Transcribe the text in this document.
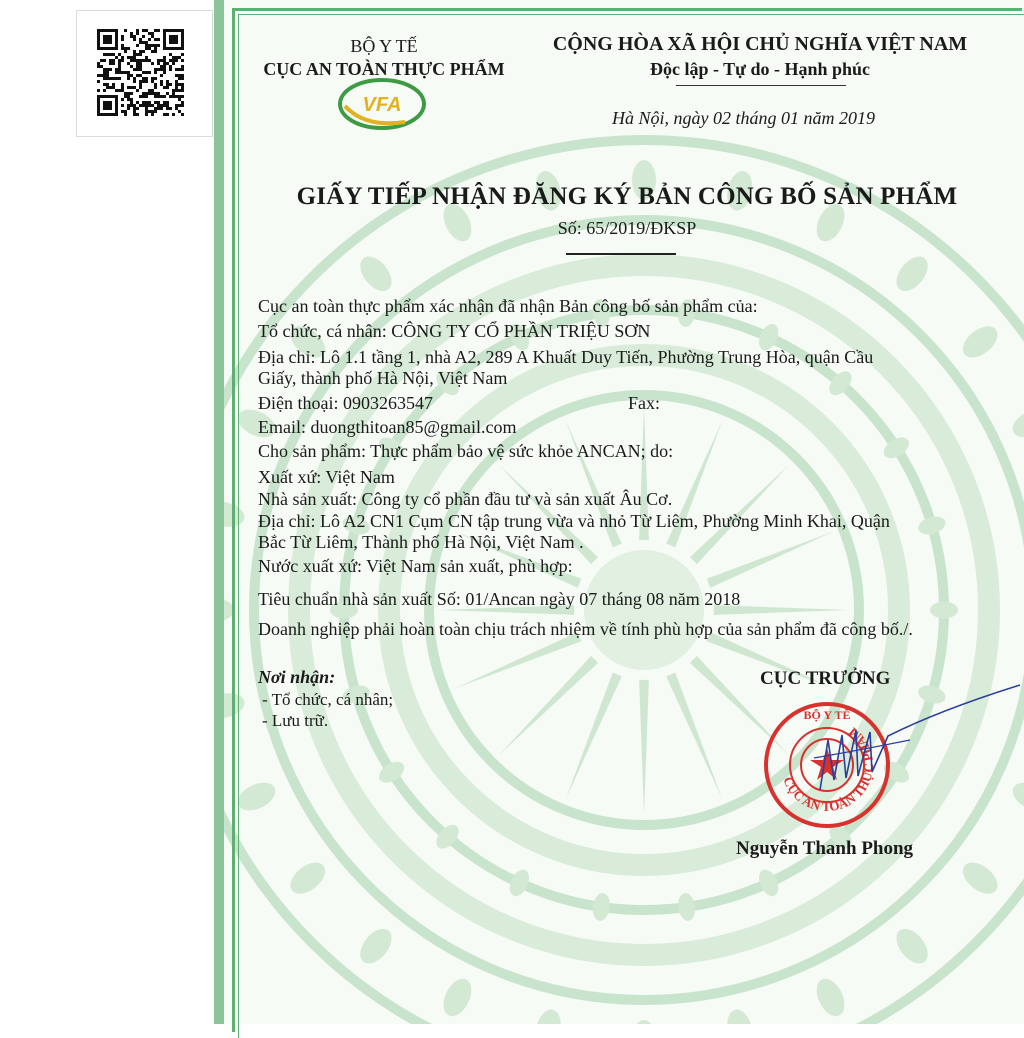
BỘ Y TẾ
CỤC AN TOÀN THỰC PHẨM
VFA
CỘNG HÒA XÃ HỘI CHỦ NGHĨA VIỆT NAM
Độc lập - Tự do - Hạnh phúc
Hà Nội, ngày 02 tháng 01 năm 2019
GIẤY TIẾP NHẬN ĐĂNG KÝ BẢN CÔNG BỐ SẢN PHẨM
Số: 65/2019/ĐKSP
Cục an toàn thực phẩm xác nhận đã nhận Bản công bố sản phẩm của:
Tổ chức, cá nhân: CÔNG TY CỔ PHẦN TRIỆU SƠN
Địa chỉ: Lô 1.1 tầng 1, nhà A2, 289 A Khuất Duy Tiến, Phường Trung Hòa, quận Cầu
Giấy, thành phố Hà Nội, Việt Nam
Điện thoại: 0903263547	Fax:
Email: duongthitoan85@gmail.com
Cho sản phẩm: Thực phẩm bảo vệ sức khỏe ANCAN; do:
Xuất xứ: Việt Nam
Nhà sản xuất: Công ty cổ phần đầu tư và sản xuất Âu Cơ.
Địa chỉ: Lô A2 CN1 Cụm CN tập trung vừa và nhỏ Từ Liêm, Phường Minh Khai, Quận
Bắc Từ Liêm, Thành phố Hà Nội, Việt Nam .
Nước xuất xứ: Việt Nam sản xuất, phù hợp:
Tiêu chuẩn nhà sản xuất Số: 01/Ancan ngày 07 tháng 08 năm 2018
Doanh nghiệp phải hoàn toàn chịu trách nhiệm về tính phù hợp của sản phẩm đã công bố./.
Nơi nhận:
- Tổ chức, cá nhân;
- Lưu trữ.
CỤC TRƯỞNG
CỤC AN TOÀN THỰC PHẨM
BỘ Y TẾ
Nguyễn Thanh Phong
